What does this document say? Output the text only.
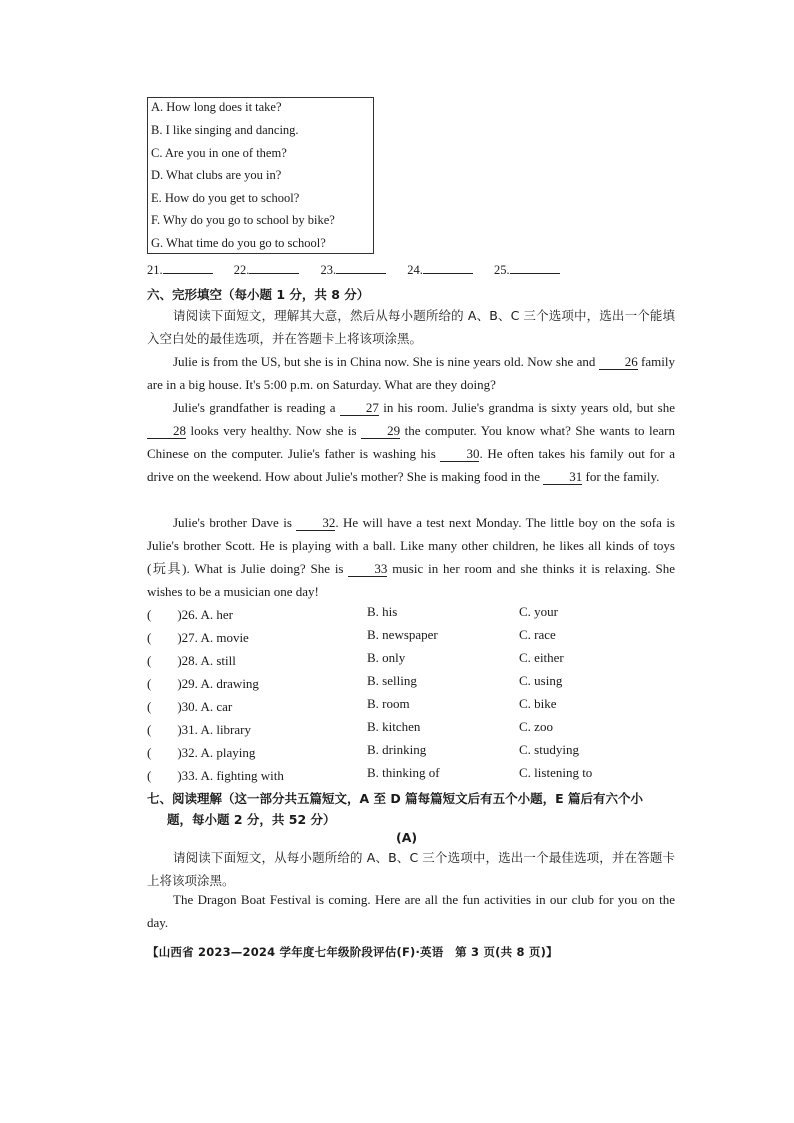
A. How long does it take?
B. I like singing and dancing.
C. Are you in one of them?
D. What clubs are you in?
E. How do you get to school?
F. Why do you go to school by bike?
G. What time do you go to school?
21.	22.	23.	24.	25.
六、完形填空（每小题 1 分，共 8 分）
请阅读下面短文，理解其大意，然后从每小题所给的 A、B、C 三个选项中，选出一个能填入空白处的最佳选项，并在答题卡上将该项涂黑。
Julie is from the US, but she is in China now. She is nine years old. Now she and 26 family are in a big house. It's 5:00 p.m. on Saturday. What are they doing?
Julie's grandfather is reading a 27 in his room. Julie's grandma is sixty years old, but she 28 looks very healthy. Now she is 29 the computer. You know what? She wants to learn Chinese on the computer. Julie's father is washing his 30. He often takes his family out for a drive on the weekend. How about Julie's mother? She is making food in the 31 for the family.
Julie's brother Dave is 32. He will have a test next Monday. The little boy on the sofa is Julie's brother Scott. He is playing with a ball. Like many other children, he likes all kinds of toys (玩具). What is Julie doing? She is 33 music in her room and she thinks it is relaxing. She wishes to be a musician one day!
(　　)26. A. her	B. his	C. your
(　　)27. A. movie	B. newspaper	C. race
(　　)28. A. still	B. only	C. either
(　　)29. A. drawing	B. selling	C. using
(　　)30. A. car	B. room	C. bike
(　　)31. A. library	B. kitchen	C. zoo
(　　)32. A. playing	B. drinking	C. studying
(　　)33. A. fighting with	B. thinking of	C. listening to
七、阅读理解（这一部分共五篇短文，A 至 D 篇每篇短文后有五个小题，E 篇后有六个小
题，每小题 2 分，共 52 分）
(A)
请阅读下面短文，从每小题所给的 A、B、C 三个选项中，选出一个最佳选项，并在答题卡上将该项涂黑。
The Dragon Boat Festival is coming. Here are all the fun activities in our club for you on the day.
【山西省 2023—2024 学年度七年级阶段评估(F)·英语　第 3 页(共 8 页)】
